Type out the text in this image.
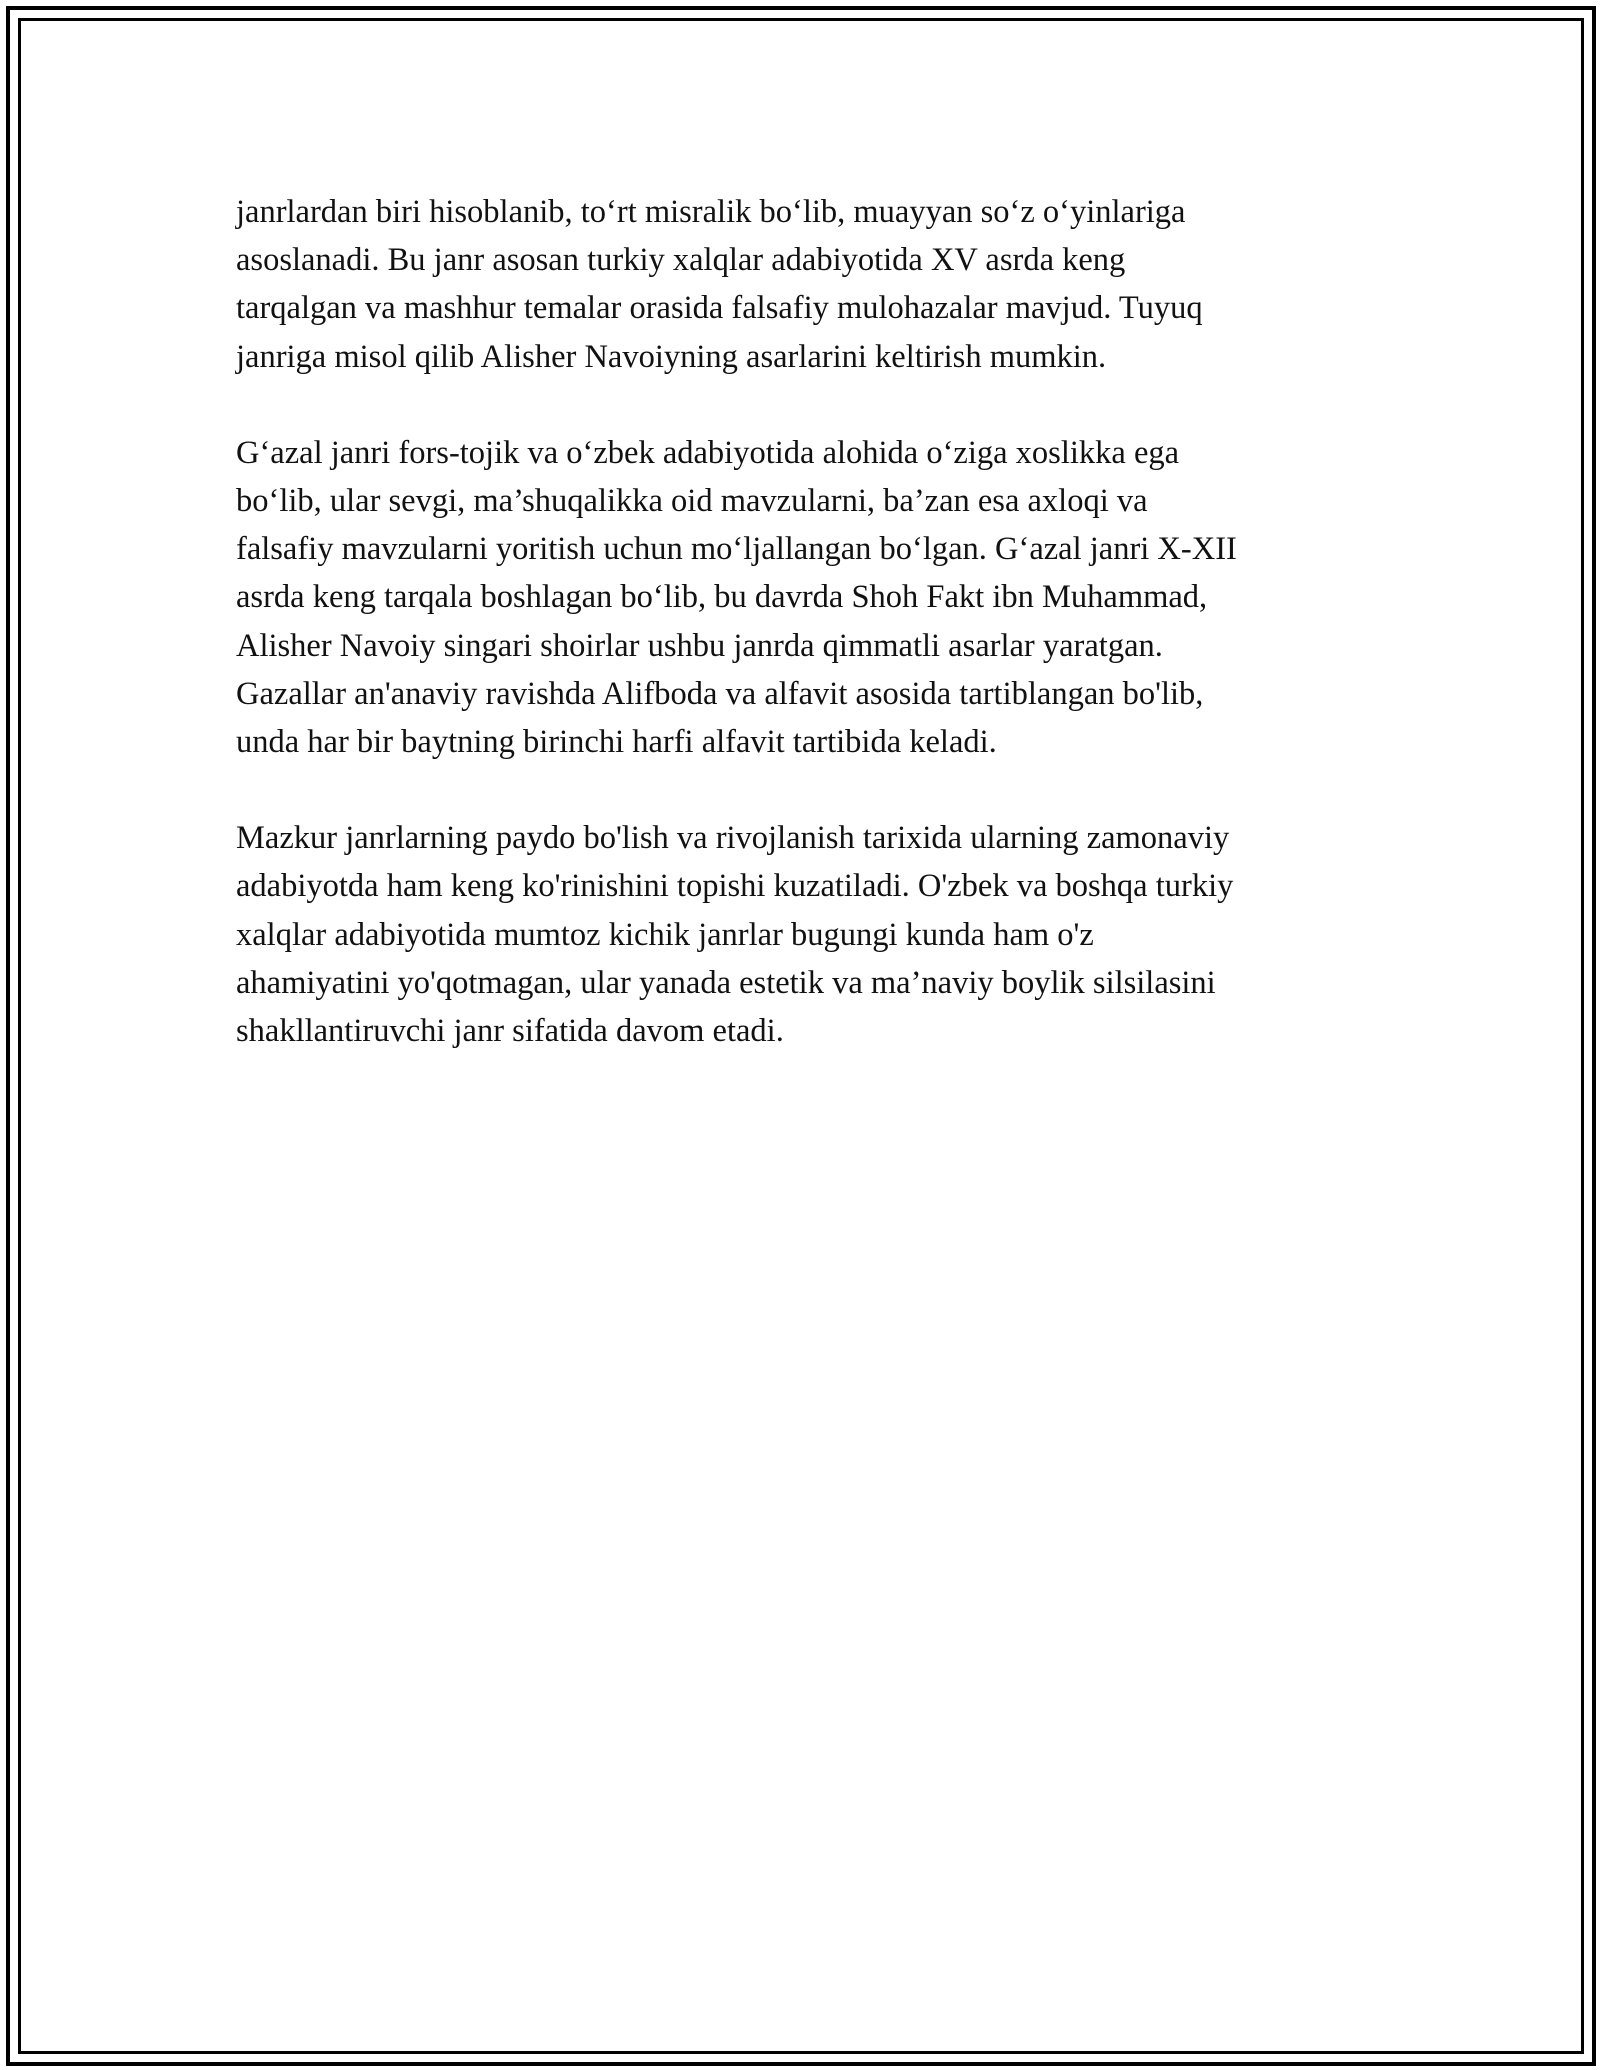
janrlardan biri hisoblanib, to‘rt misralik bo‘lib, muayyan so‘z o‘yinlariga
asoslanadi. Bu janr asosan turkiy xalqlar adabiyotida XV asrda keng
tarqalgan va mashhur temalar orasida falsafiy mulohazalar mavjud. Tuyuq
janriga misol qilib Alisher Navoiyning asarlarini keltirish mumkin.

G‘azal janri fors-tojik va o‘zbek adabiyotida alohida o‘ziga xoslikka ega
bo‘lib, ular sevgi, ma’shuqalikka oid mavzularni, ba’zan esa axloqi va
falsafiy mavzularni yoritish uchun mo‘ljallangan bo‘lgan. G‘azal janri X-XII
asrda keng tarqala boshlagan bo‘lib, bu davrda Shoh Fakt ibn Muhammad,
Alisher Navoiy singari shoirlar ushbu janrda qimmatli asarlar yaratgan.
Gazallar an'anaviy ravishda Alifboda va alfavit asosida tartiblangan bo'lib,
unda har bir baytning birinchi harfi alfavit tartibida keladi.

Mazkur janrlarning paydo bo'lish va rivojlanish tarixida ularning zamonaviy
adabiyotda ham keng ko'rinishini topishi kuzatiladi. O'zbek va boshqa turkiy
xalqlar adabiyotida mumtoz kichik janrlar bugungi kunda ham o'z
ahamiyatini yo'qotmagan, ular yanada estetik va ma’naviy boylik silsilasini
shakllantiruvchi janr sifatida davom etadi.
